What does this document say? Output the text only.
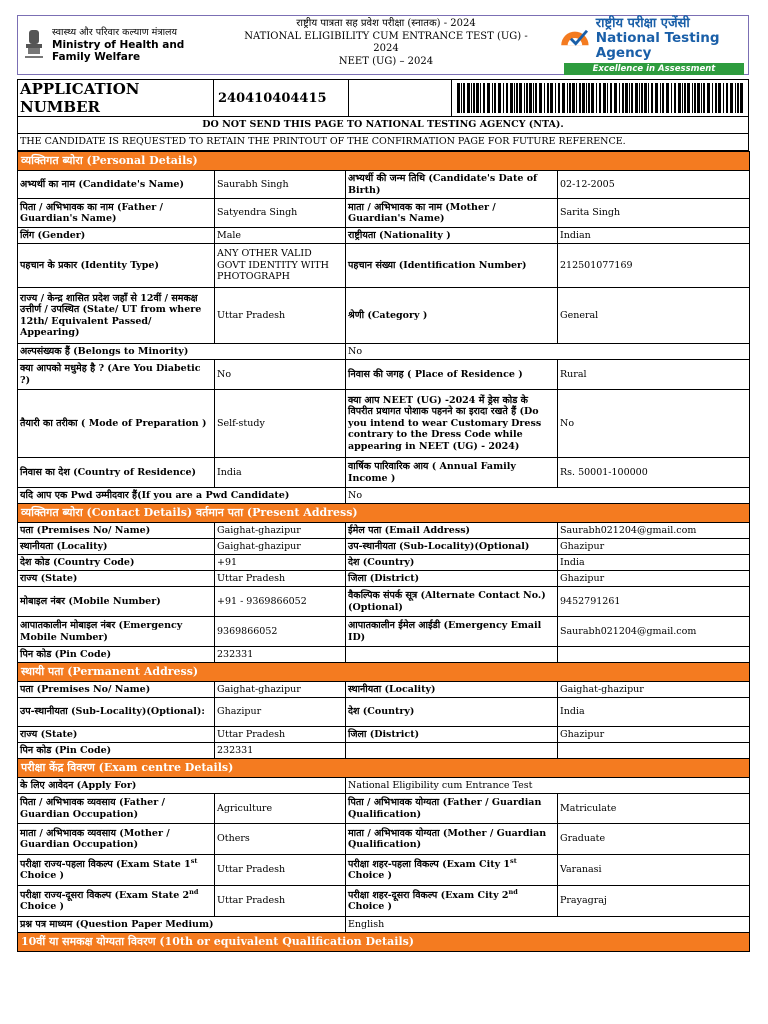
स्वास्थ्य और परिवार कल्याण मंत्रालय
Ministry of Health and
Family Welfare
राष्ट्रीय पात्रता सह प्रवेश परीक्षा (स्नातक) - 2024
NATIONAL ELIGIBILITY CUM ENTRANCE TEST (UG) -
2024
NEET (UG) – 2024
राष्ट्रीय परीक्षा एजेंसी
National Testing Agency
Excellence in Assessment
APPLICATION NUMBER	240410404415
DO NOT SEND THIS PAGE TO NATIONAL TESTING AGENCY (NTA).
THE CANDIDATE IS REQUESTED TO RETAIN THE PRINTOUT OF THE CONFIRMATION PAGE FOR FUTURE REFERENCE.
व्यक्तिगत ब्योरा (Personal Details)			
अभ्यर्थी का नाम (Candidate's Name)	Saurabh Singh	अभ्यर्थी की जन्म तिथि (Candidate's Date of Birth)	02-12-2005
पिता / अभिभावक का नाम (Father / Guardian's Name)	Satyendra Singh	माता / अभिभावक का नाम (Mother / Guardian's Name)	Sarita Singh
लिंग (Gender)	Male	राष्ट्रीयता (Nationality )	Indian
पहचान के प्रकार (Identity Type)	ANY OTHER VALID GOVT IDENTITY WITH PHOTOGRAPH	पहचान संख्या (Identification Number)	212501077169
राज्य / केन्द्र शासित प्रदेश जहाँ से 12वीं / समकक्ष उत्तीर्ण / उपस्थित (State/ UT from where 12th/ Equivalent Passed/ Appearing)	Uttar Pradesh	श्रेणी (Category )	General
अल्पसंख्यक हैं (Belongs to Minority)		No	
क्या आपको मधुमेह है ? (Are You Diabetic ?)	No	निवास की जगह ( Place of Residence )	Rural
तैयारी का तरीका ( Mode of Preparation )	Self-study	क्या आप NEET (UG) -2024 में ड्रेस कोड के विपरीत प्रथागत पोशाक पहनने का इरादा रखते हैं (Do you intend to wear Customary Dress contrary to the Dress Code while appearing in NEET (UG) - 2024)	No
निवास का देश (Country of Residence)	India	वार्षिक पारिवारिक आय ( Annual Family Income )	Rs. 50001-100000
यदि आप एक Pwd उम्मीदवार हैं(If you are a Pwd Candidate)		No	
व्यक्तिगत ब्योरा (Contact Details) वर्तमान पता (Present Address)			
पता (Premises No/ Name)	Gaighat-ghazipur	ईमेल पता (Email Address)	Saurabh021204@gmail.com
स्थानीयता (Locality)	Gaighat-ghazipur	उप-स्थानीयता (Sub-Locality)(Optional)	Ghazipur
देश कोड (Country Code)	+91	देश (Country)	India
राज्य (State)	Uttar Pradesh	जिला (District)	Ghazipur
मोबाइल नंबर (Mobile Number)	+91 - 9369866052	वैकल्पिक संपर्क सूत्र (Alternate Contact No.) (Optional)	9452791261
आपातकालीन मोबाइल नंबर (Emergency Mobile Number)	9369866052	आपातकालीन ईमेल आईडी (Emergency Email ID)	Saurabh021204@gmail.com
पिन कोड (Pin Code)	232331		
स्थायी पता (Permanent Address)			
पता (Premises No/ Name)	Gaighat-ghazipur	स्थानीयता (Locality)	Gaighat-ghazipur
उप-स्थानीयता (Sub-Locality)(Optional):	Ghazipur	देश (Country)	India
राज्य (State)	Uttar Pradesh	जिला (District)	Ghazipur
पिन कोड (Pin Code)	232331		
परीक्षा केंद्र विवरण (Exam centre Details)			
के लिए आवेदन (Apply For)		National Eligibility cum Entrance Test	
पिता / अभिभावक व्यवसाय (Father / Guardian Occupation)	Agriculture	पिता / अभिभावक योग्यता (Father / Guardian Qualification)	Matriculate
माता / अभिभावक व्यवसाय (Mother / Guardian Occupation)	Others	माता / अभिभावक योग्यता (Mother / Guardian Qualification)	Graduate
परीक्षा राज्य-पहला विकल्प (Exam State 1st Choice )	Uttar Pradesh	परीक्षा शहर-पहला विकल्प (Exam City 1st Choice )	Varanasi
परीक्षा राज्य-दूसरा विकल्प (Exam State 2nd Choice )	Uttar Pradesh	परीक्षा शहर-दूसरा विकल्प (Exam City 2nd Choice )	Prayagraj
प्रश्न पत्र माध्यम (Question Paper Medium)		English	
10वीं या समकक्ष योग्यता विवरण (10th or equivalent Qualification Details)			
